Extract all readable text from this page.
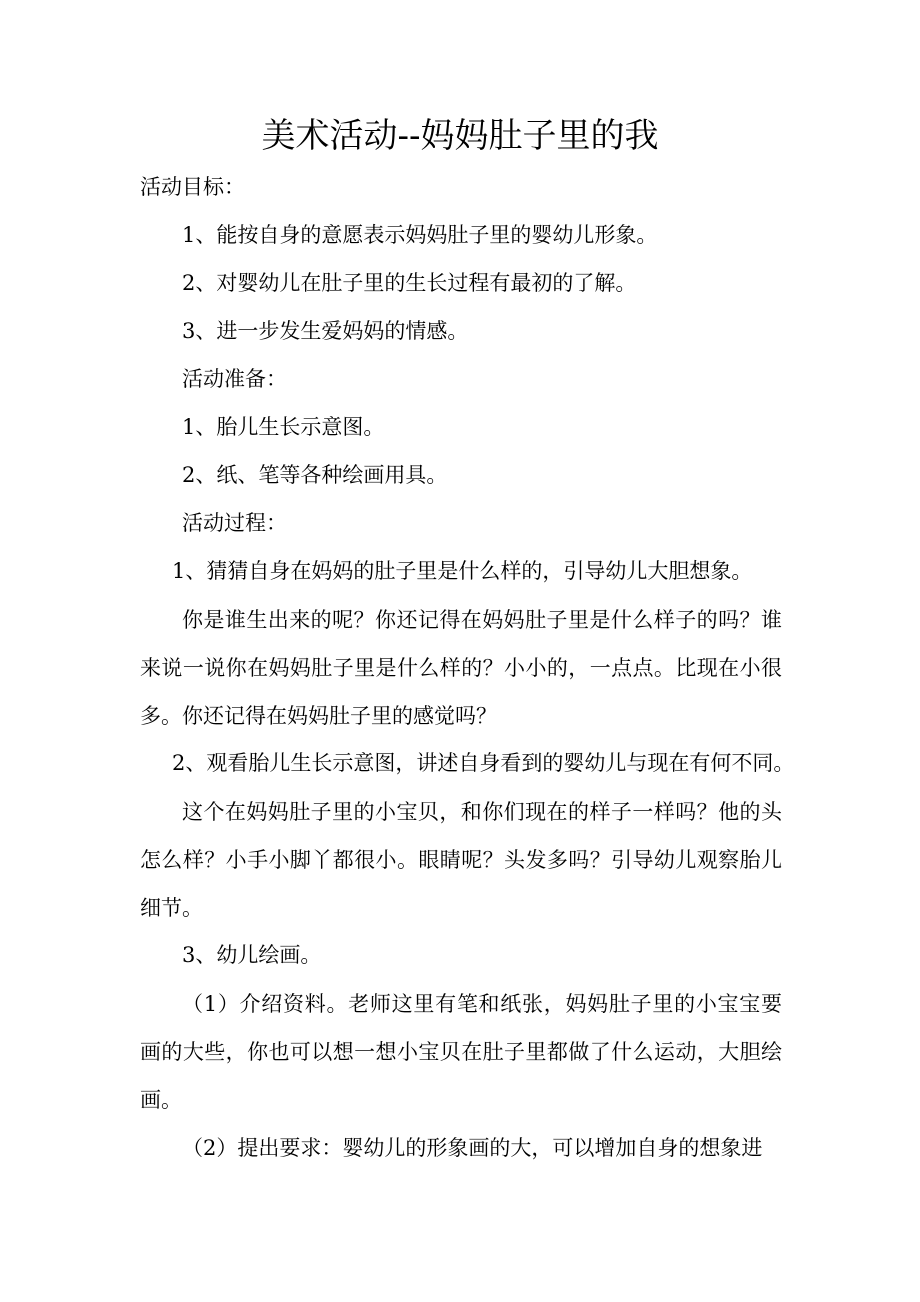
美术活动--妈妈肚子里的我
活动目标：
1、能按自身的意愿表示妈妈肚子里的婴幼儿形象。
2、对婴幼儿在肚子里的生长过程有最初的了解。
3、进一步发生爱妈妈的情感。
活动准备：
1、胎儿生长示意图。
2、纸、笔等各种绘画用具。
活动过程：
1、猜猜自身在妈妈的肚子里是什么样的，引导幼儿大胆想象。
你是谁生出来的呢？你还记得在妈妈肚子里是什么样子的吗？谁来说一说你在妈妈肚子里是什么样的？小小的，一点点。比现在小很多。你还记得在妈妈肚子里的感觉吗？
2、观看胎儿生长示意图，讲述自身看到的婴幼儿与现在有何不同。
这个在妈妈肚子里的小宝贝，和你们现在的样子一样吗？他的头怎么样？小手小脚丫都很小。眼睛呢？头发多吗？引导幼儿观察胎儿细节。
3、幼儿绘画。
（1）介绍资料。老师这里有笔和纸张，妈妈肚子里的小宝宝要画的大些，你也可以想一想小宝贝在肚子里都做了什么运动，大胆绘画。
（2）提出要求：婴幼儿的形象画的大，可以增加自身的想象进
